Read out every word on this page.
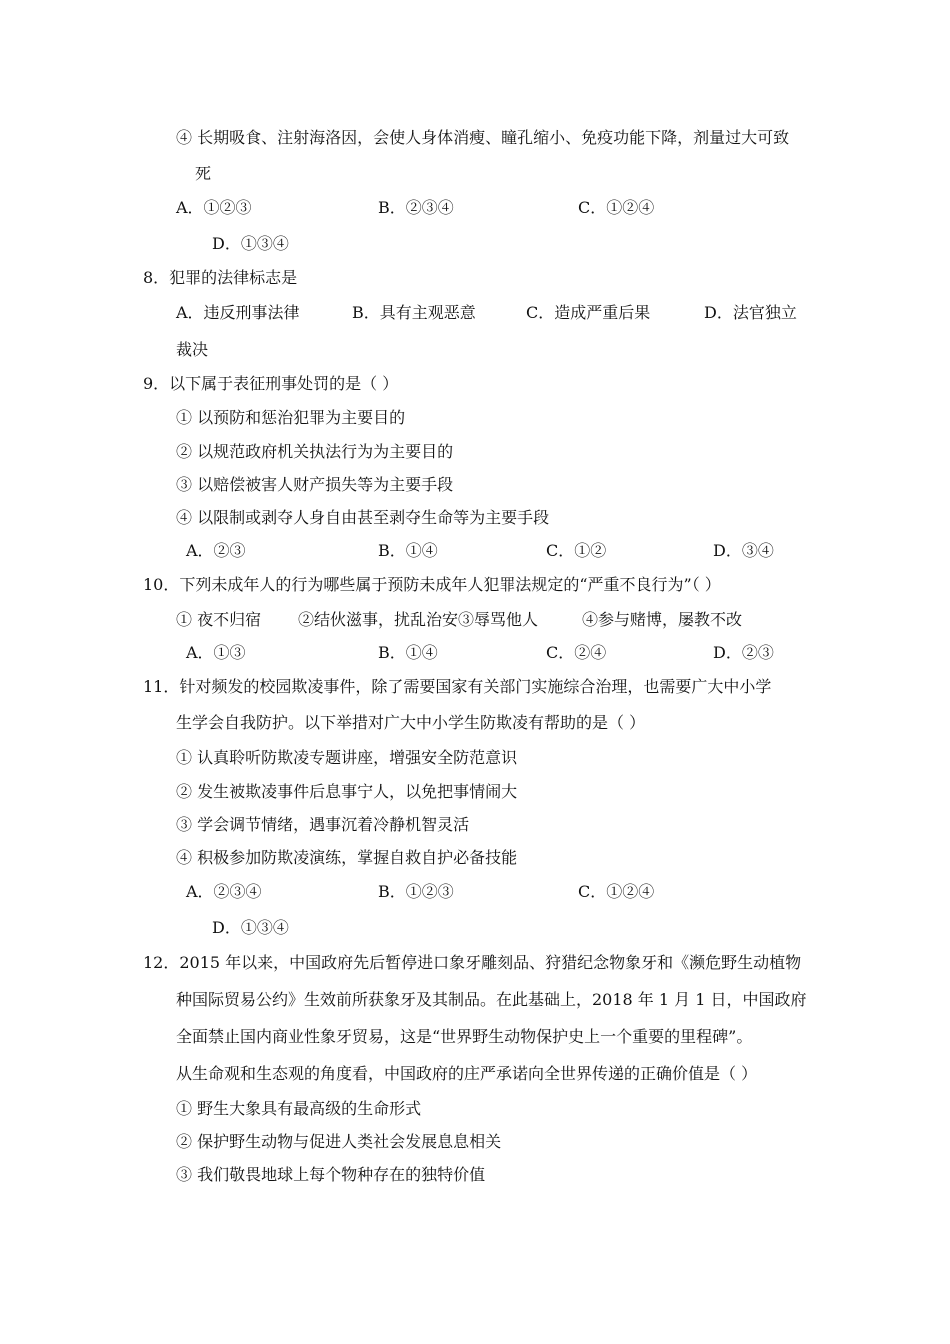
④ 长期吸食、注射海洛因，会使人身体消瘦、瞳孔缩小、免疫功能下降，剂量过大可致
死
A．①②③	B．②③④	C．①②④
D．①③④
8．犯罪的法律标志是
A．违反刑事法律	B．具有主观恶意	C．造成严重后果	D．法官独立
裁决
9．以下属于表征刑事处罚的是（ ）
① 以预防和惩治犯罪为主要目的
② 以规范政府机关执法行为为主要目的
③ 以赔偿被害人财产损失等为主要手段
④ 以限制或剥夺人身自由甚至剥夺生命等为主要手段
A．②③	B．①④	C．①②	D．③④
10．下列未成年人的行为哪些属于预防未成年人犯罪法规定的“严重不良行为”（ ）
① 夜不归宿 ②结伙滋事，扰乱治安③辱骂他人	④参与赌博，屡教不改
A．①③	B．①④	C．②④	D．②③
11．针对频发的校园欺凌事件，除了需要国家有关部门实施综合治理，也需要广大中小学
生学会自我防护。以下举措对广大中小学生防欺凌有帮助的是（ ）
① 认真聆听防欺凌专题讲座，增强安全防范意识
② 发生被欺凌事件后息事宁人，以免把事情闹大
③ 学会调节情绪，遇事沉着冷静机智灵活
④ 积极参加防欺凌演练，掌握自救自护必备技能
A．②③④	B．①②③	C．①②④
D．①③④
12．2015 年以来，中国政府先后暂停进口象牙雕刻品、狩猎纪念物象牙和《濒危野生动植物
种国际贸易公约》生效前所获象牙及其制品。在此基础上，2018 年 1 月 1 日，中国政府
全面禁止国内商业性象牙贸易，这是“世界野生动物保护史上一个重要的里程碑”。
从生命观和生态观的角度看，中国政府的庄严承诺向全世界传递的正确价值是（ ）
① 野生大象具有最高级的生命形式
② 保护野生动物与促进人类社会发展息息相关
③ 我们敬畏地球上每个物种存在的独特价值
